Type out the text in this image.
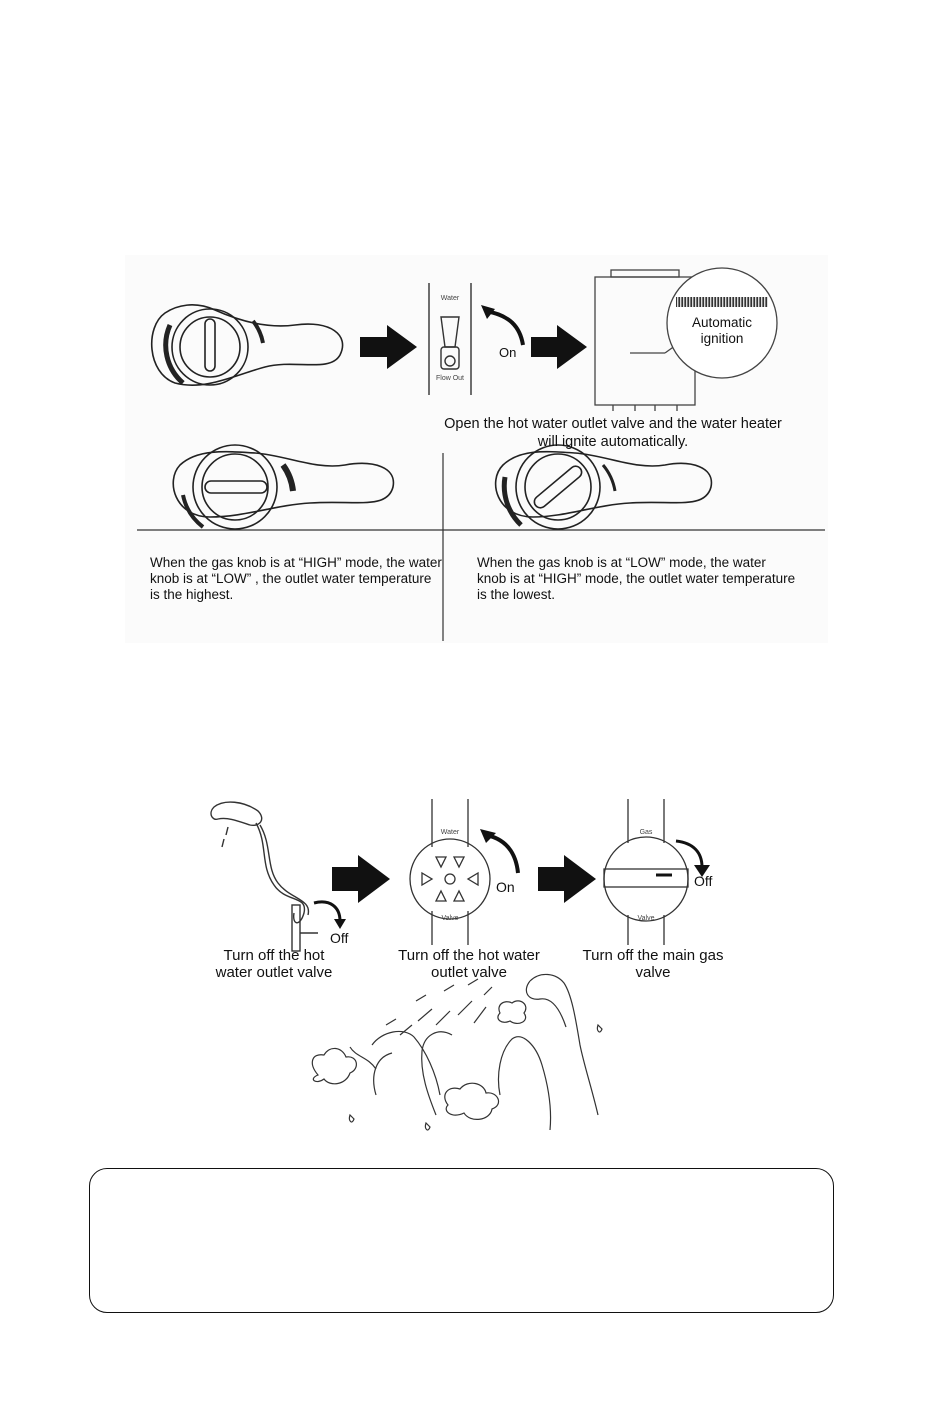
Water
Flow Out
On
Automatic ignition
Open the hot water outlet valve and the water heater will ignite automatically.
When the gas knob is at “HIGH” mode, the water knob is at “LOW” , the outlet water temperature is the highest.
When the gas knob is at “LOW” mode, the water knob is at “HIGH” mode, the outlet water temperature is the lowest.
Off
Water
Valve
On
Gas
Valve
Off
Turn off the hot water outlet valve
Turn off the hot water outlet valve
Turn off the main gas valve
